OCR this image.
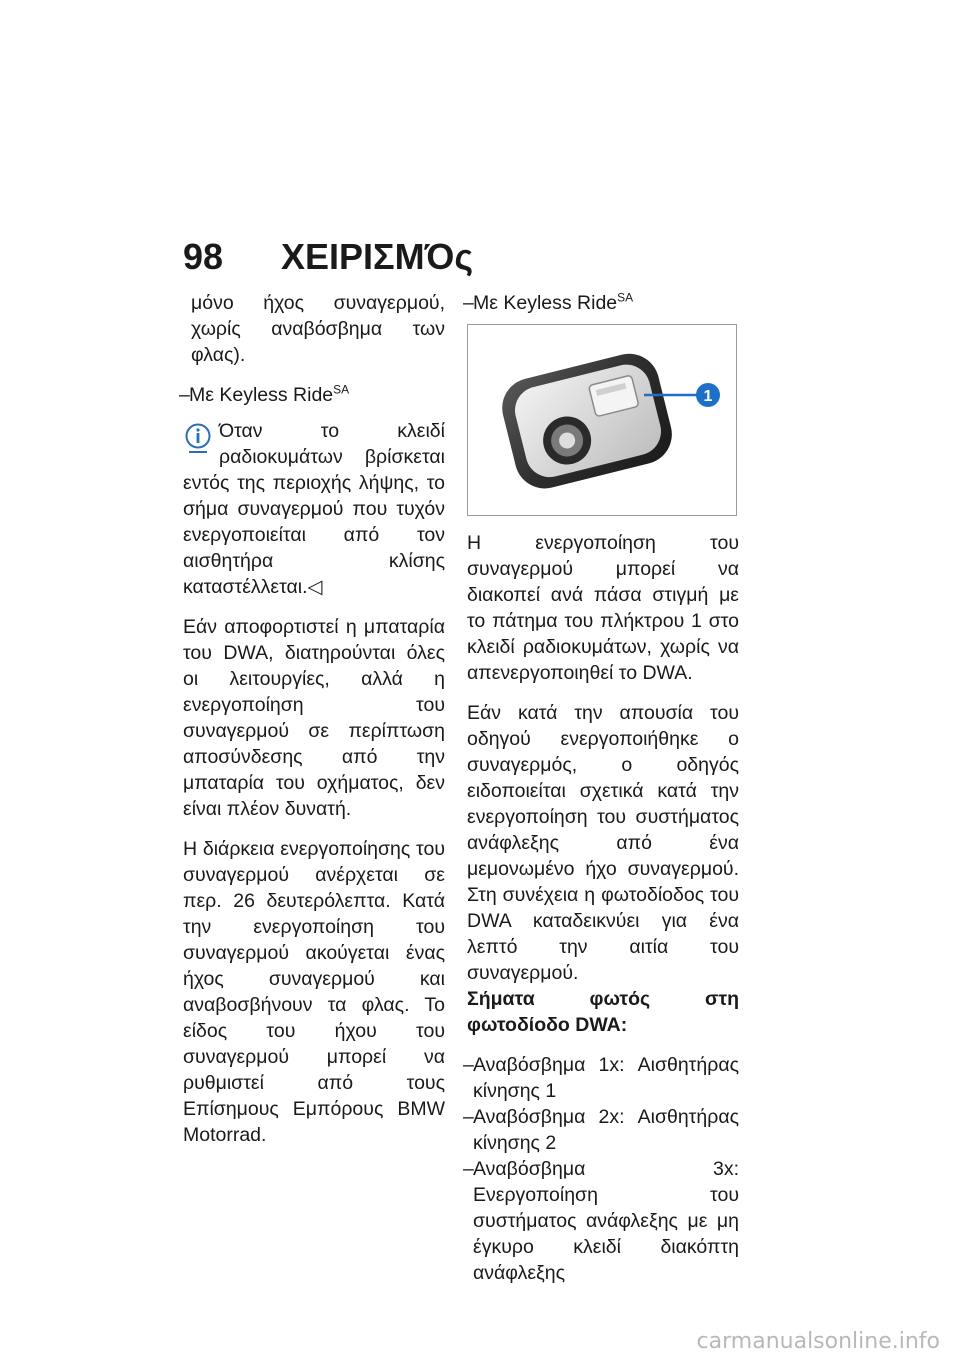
98	ΧΕΙΡΙΣΜΌς

μόνο ήχος συναγερμού, χωρίς αναβόσβημα των φλας).

– Με Keyless Ride$^{SA}$
Όταν το κλειδί ραδιοκυμάτων βρίσκεται εντός της περιοχής λήψης, το σήμα συναγερμού που τυχόν ενεργοποιείται από τον αισθητήρα κλίσης καταστέλλεται.◁

Εάν αποφορτιστεί η μπαταρία του DWA, διατηρούνται όλες οι λειτουργίες, αλλά η ενεργοποίηση του συναγερμού σε περίπτωση αποσύνδεσης από την μπαταρία του οχήματος, δεν είναι πλέον δυνατή.

Η διάρκεια ενεργοποίησης του συναγερμού ανέρχεται σε περ. 26 δευτερόλεπτα. Κατά την ενεργοποίηση του συναγερμού ακούγεται ένας ήχος συναγερμού και αναβοσβήνουν τα φλας. Το είδος του ήχου του συναγερμού μπορεί να ρυθμιστεί από τους Επίσημους Εμπόρους BMW Motorrad.

– Με Keyless Ride$^{SA}$
1

Η ενεργοποίηση του συναγερμού μπορεί να διακοπεί ανά πάσα στιγμή με το πάτημα του πλήκτρου 1 στο κλειδί ραδιοκυμάτων, χωρίς να απενεργοποιηθεί το DWA.

Εάν κατά την απουσία του οδηγού ενεργοποιήθηκε ο συναγερμός, ο οδηγός ειδοποιείται σχετικά κατά την ενεργοποίηση του συστήματος ανάφλεξης από ένα μεμονωμένο ήχο συναγερμού. Στη συνέχεια η φωτοδίοδος του DWA καταδεικνύει για ένα λεπτό την αιτία του συναγερμού.

Σήματα φωτός στη φωτοδίοδο DWA:

– Αναβόσβημα 1x: Αισθητήρας κίνησης 1
– Αναβόσβημα 2x: Αισθητήρας κίνησης 2
– Αναβόσβημα 3x: Ενεργοποίηση του συστήματος ανάφλεξης με μη έγκυρο κλειδί διακόπτη ανάφλεξης
carmanualsonline.info
